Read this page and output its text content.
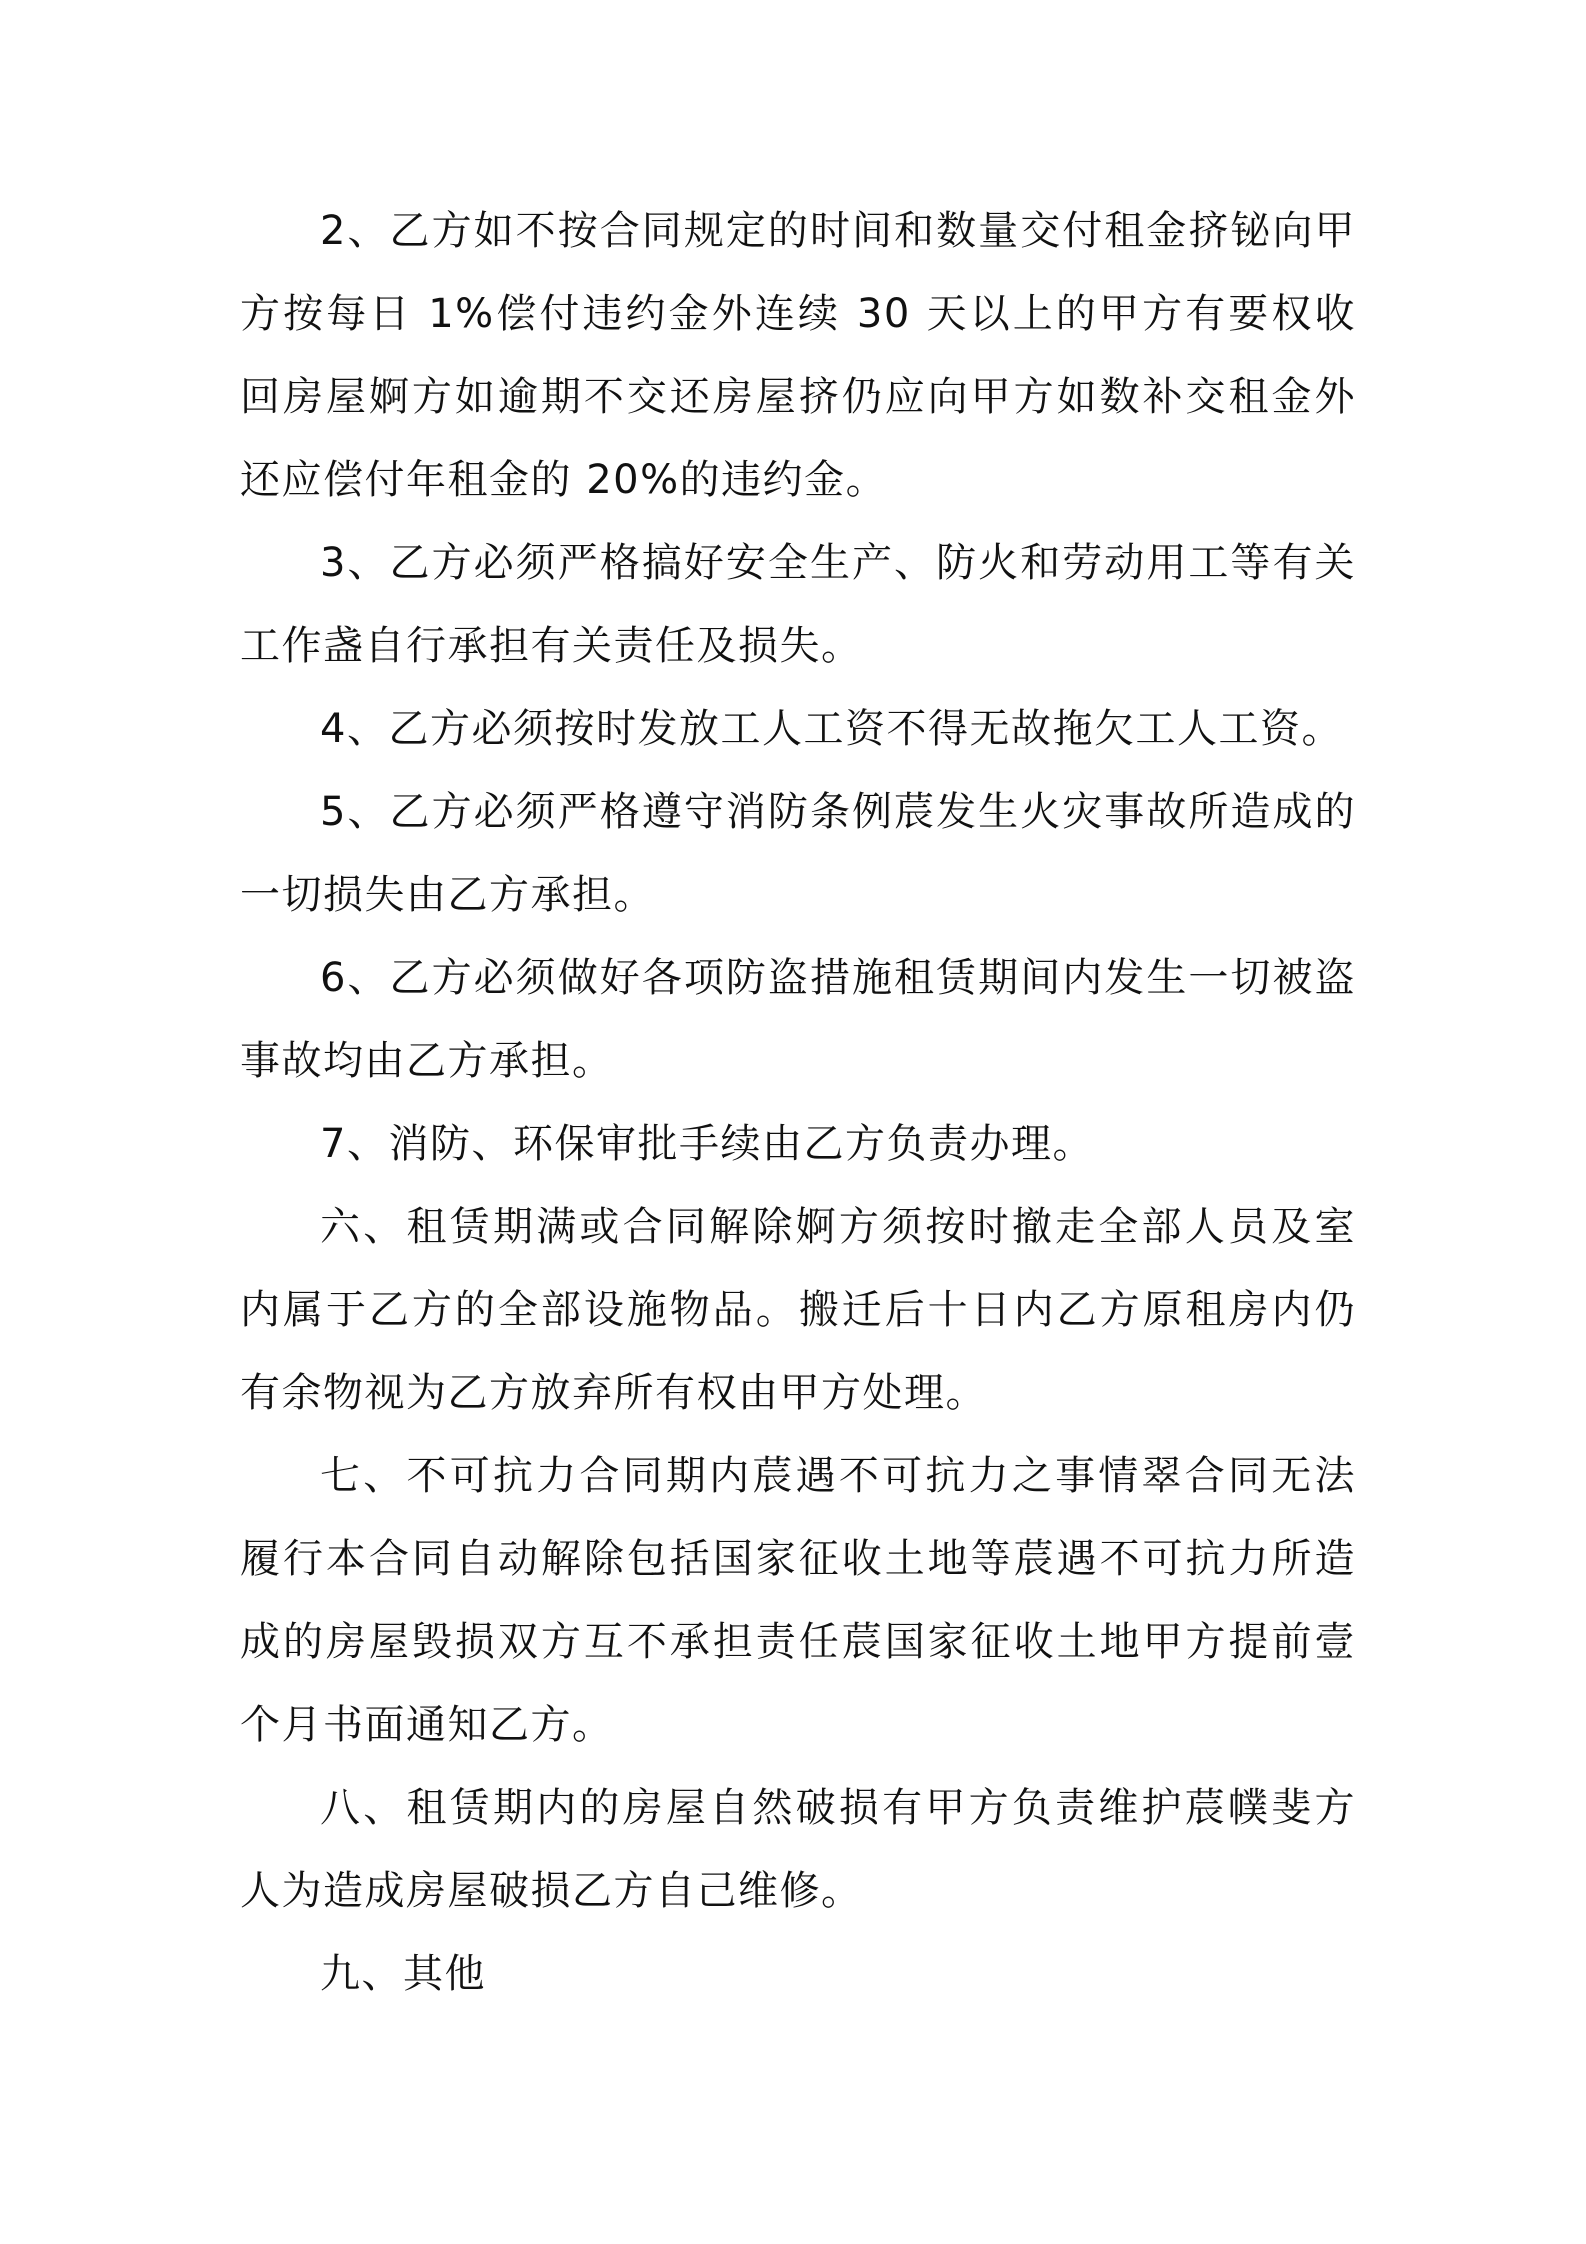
2、乙方如不按合同规定的时间和数量交付租金挤铋向甲方按每日 1%偿付违约金外连续 30 天以上的甲方有要权收回房屋婀方如逾期不交还房屋挤仍应向甲方如数补交租金外还应偿付年租金的 20%的违约金。

3、乙方必须严格搞好安全生产、防火和劳动用工等有关工作盏自行承担有关责任及损失。

4、乙方必须按时发放工人工资不得无故拖欠工人工资。

5、乙方必须严格遵守消防条例莀发生火灾事故所造成的一切损失由乙方承担。

6、乙方必须做好各项防盗措施租赁期间内发生一切被盗事故均由乙方承担。

7、消防、环保审批手续由乙方负责办理。

六、租赁期满或合同解除婀方须按时撤走全部人员及室内属于乙方的全部设施物品。搬迁后十日内乙方原租房内仍有余物视为乙方放弃所有权由甲方处理。

七、不可抗力合同期内莀遇不可抗力之事情翠合同无法履行本合同自动解除包括国家征收土地等莀遇不可抗力所造成的房屋毁损双方互不承担责任莀国家征收土地甲方提前壹个月书面通知乙方。

八、租赁期内的房屋自然破损有甲方负责维护莀幞斐方人为造成房屋破损乙方自己维修。

九、其他
